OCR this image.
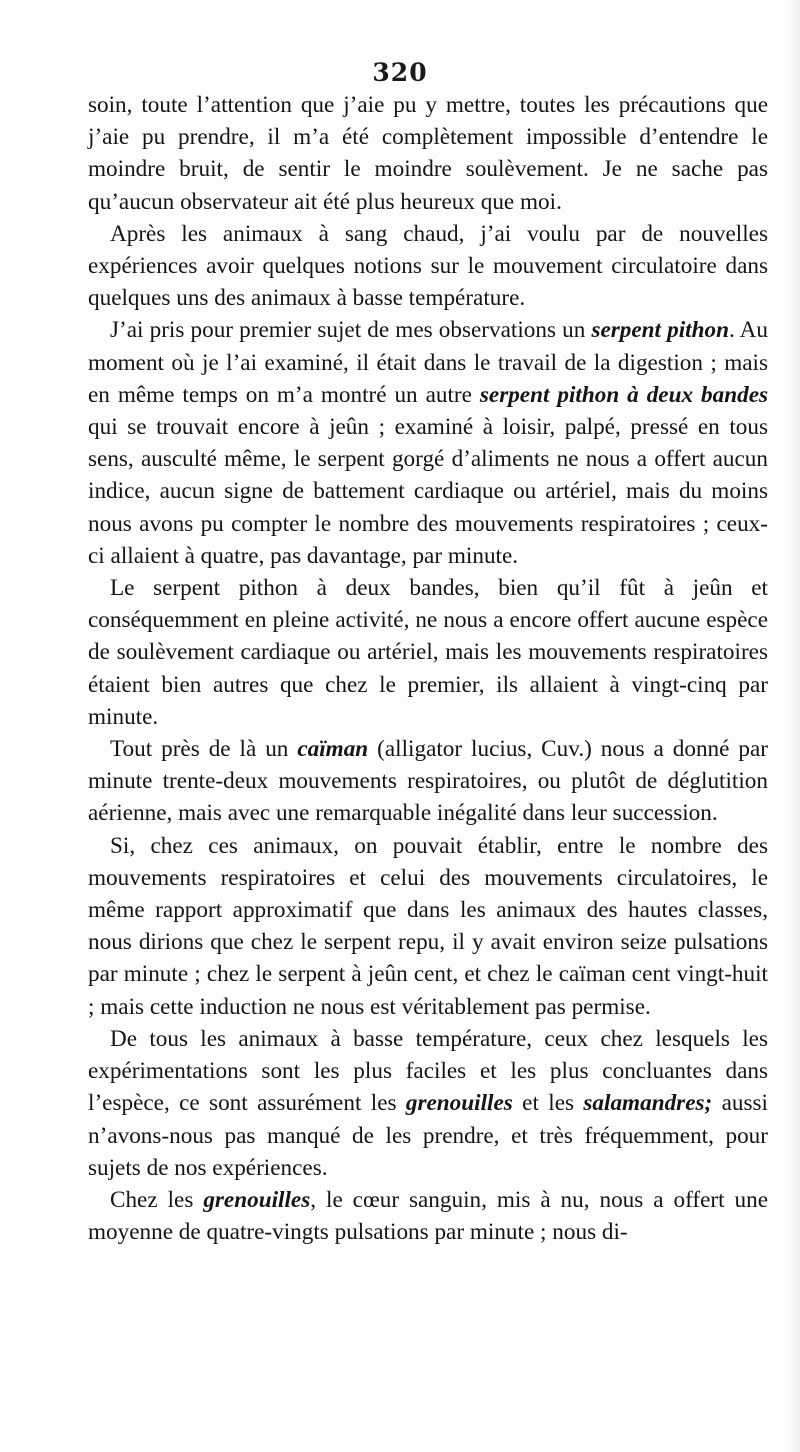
320

soin, toute l’attention que j’aie pu y mettre, toutes les précautions que j’aie pu prendre, il m’a été complètement impossible d’entendre le moindre bruit, de sentir le moindre soulèvement. Je ne sache pas qu’aucun observateur ait été plus heureux que moi.

Après les animaux à sang chaud, j’ai voulu par de nouvelles expériences avoir quelques notions sur le mouvement circulatoire dans quelques uns des animaux à basse température.

J’ai pris pour premier sujet de mes observations un serpent pithon. Au moment où je l’ai examiné, il était dans le travail de la digestion ; mais en même temps on m’a montré un autre serpent pithon à deux bandes qui se trouvait encore à jeûn ; examiné à loisir, palpé, pressé en tous sens, ausculté même, le serpent gorgé d’aliments ne nous a offert aucun indice, aucun signe de battement cardiaque ou artériel, mais du moins nous avons pu compter le nombre des mouvements respiratoires ; ceux-ci allaient à quatre, pas davantage, par minute.

Le serpent pithon à deux bandes, bien qu’il fût à jeûn et conséquemment en pleine activité, ne nous a encore offert aucune espèce de soulèvement cardiaque ou artériel, mais les mouvements respiratoires étaient bien autres que chez le premier, ils allaient à vingt-cinq par minute.

Tout près de là un caïman (alligator lucius, Cuv.) nous a donné par minute trente-deux mouvements respiratoires, ou plutôt de déglutition aérienne, mais avec une remarquable inégalité dans leur succession.

Si, chez ces animaux, on pouvait établir, entre le nombre des mouvements respiratoires et celui des mouvements circulatoires, le même rapport approximatif que dans les animaux des hautes classes, nous dirions que chez le serpent repu, il y avait environ seize pulsations par minute ; chez le serpent à jeûn cent, et chez le caïman cent vingt-huit ; mais cette induction ne nous est véritablement pas permise.

De tous les animaux à basse température, ceux chez lesquels les expérimentations sont les plus faciles et les plus concluantes dans l’espèce, ce sont assurément les grenouilles et les salamandres; aussi n’avons-nous pas manqué de les prendre, et très fréquemment, pour sujets de nos expériences.

Chez les grenouilles, le cœur sanguin, mis à nu, nous a offert une moyenne de quatre-vingts pulsations par minute ; nous di-
